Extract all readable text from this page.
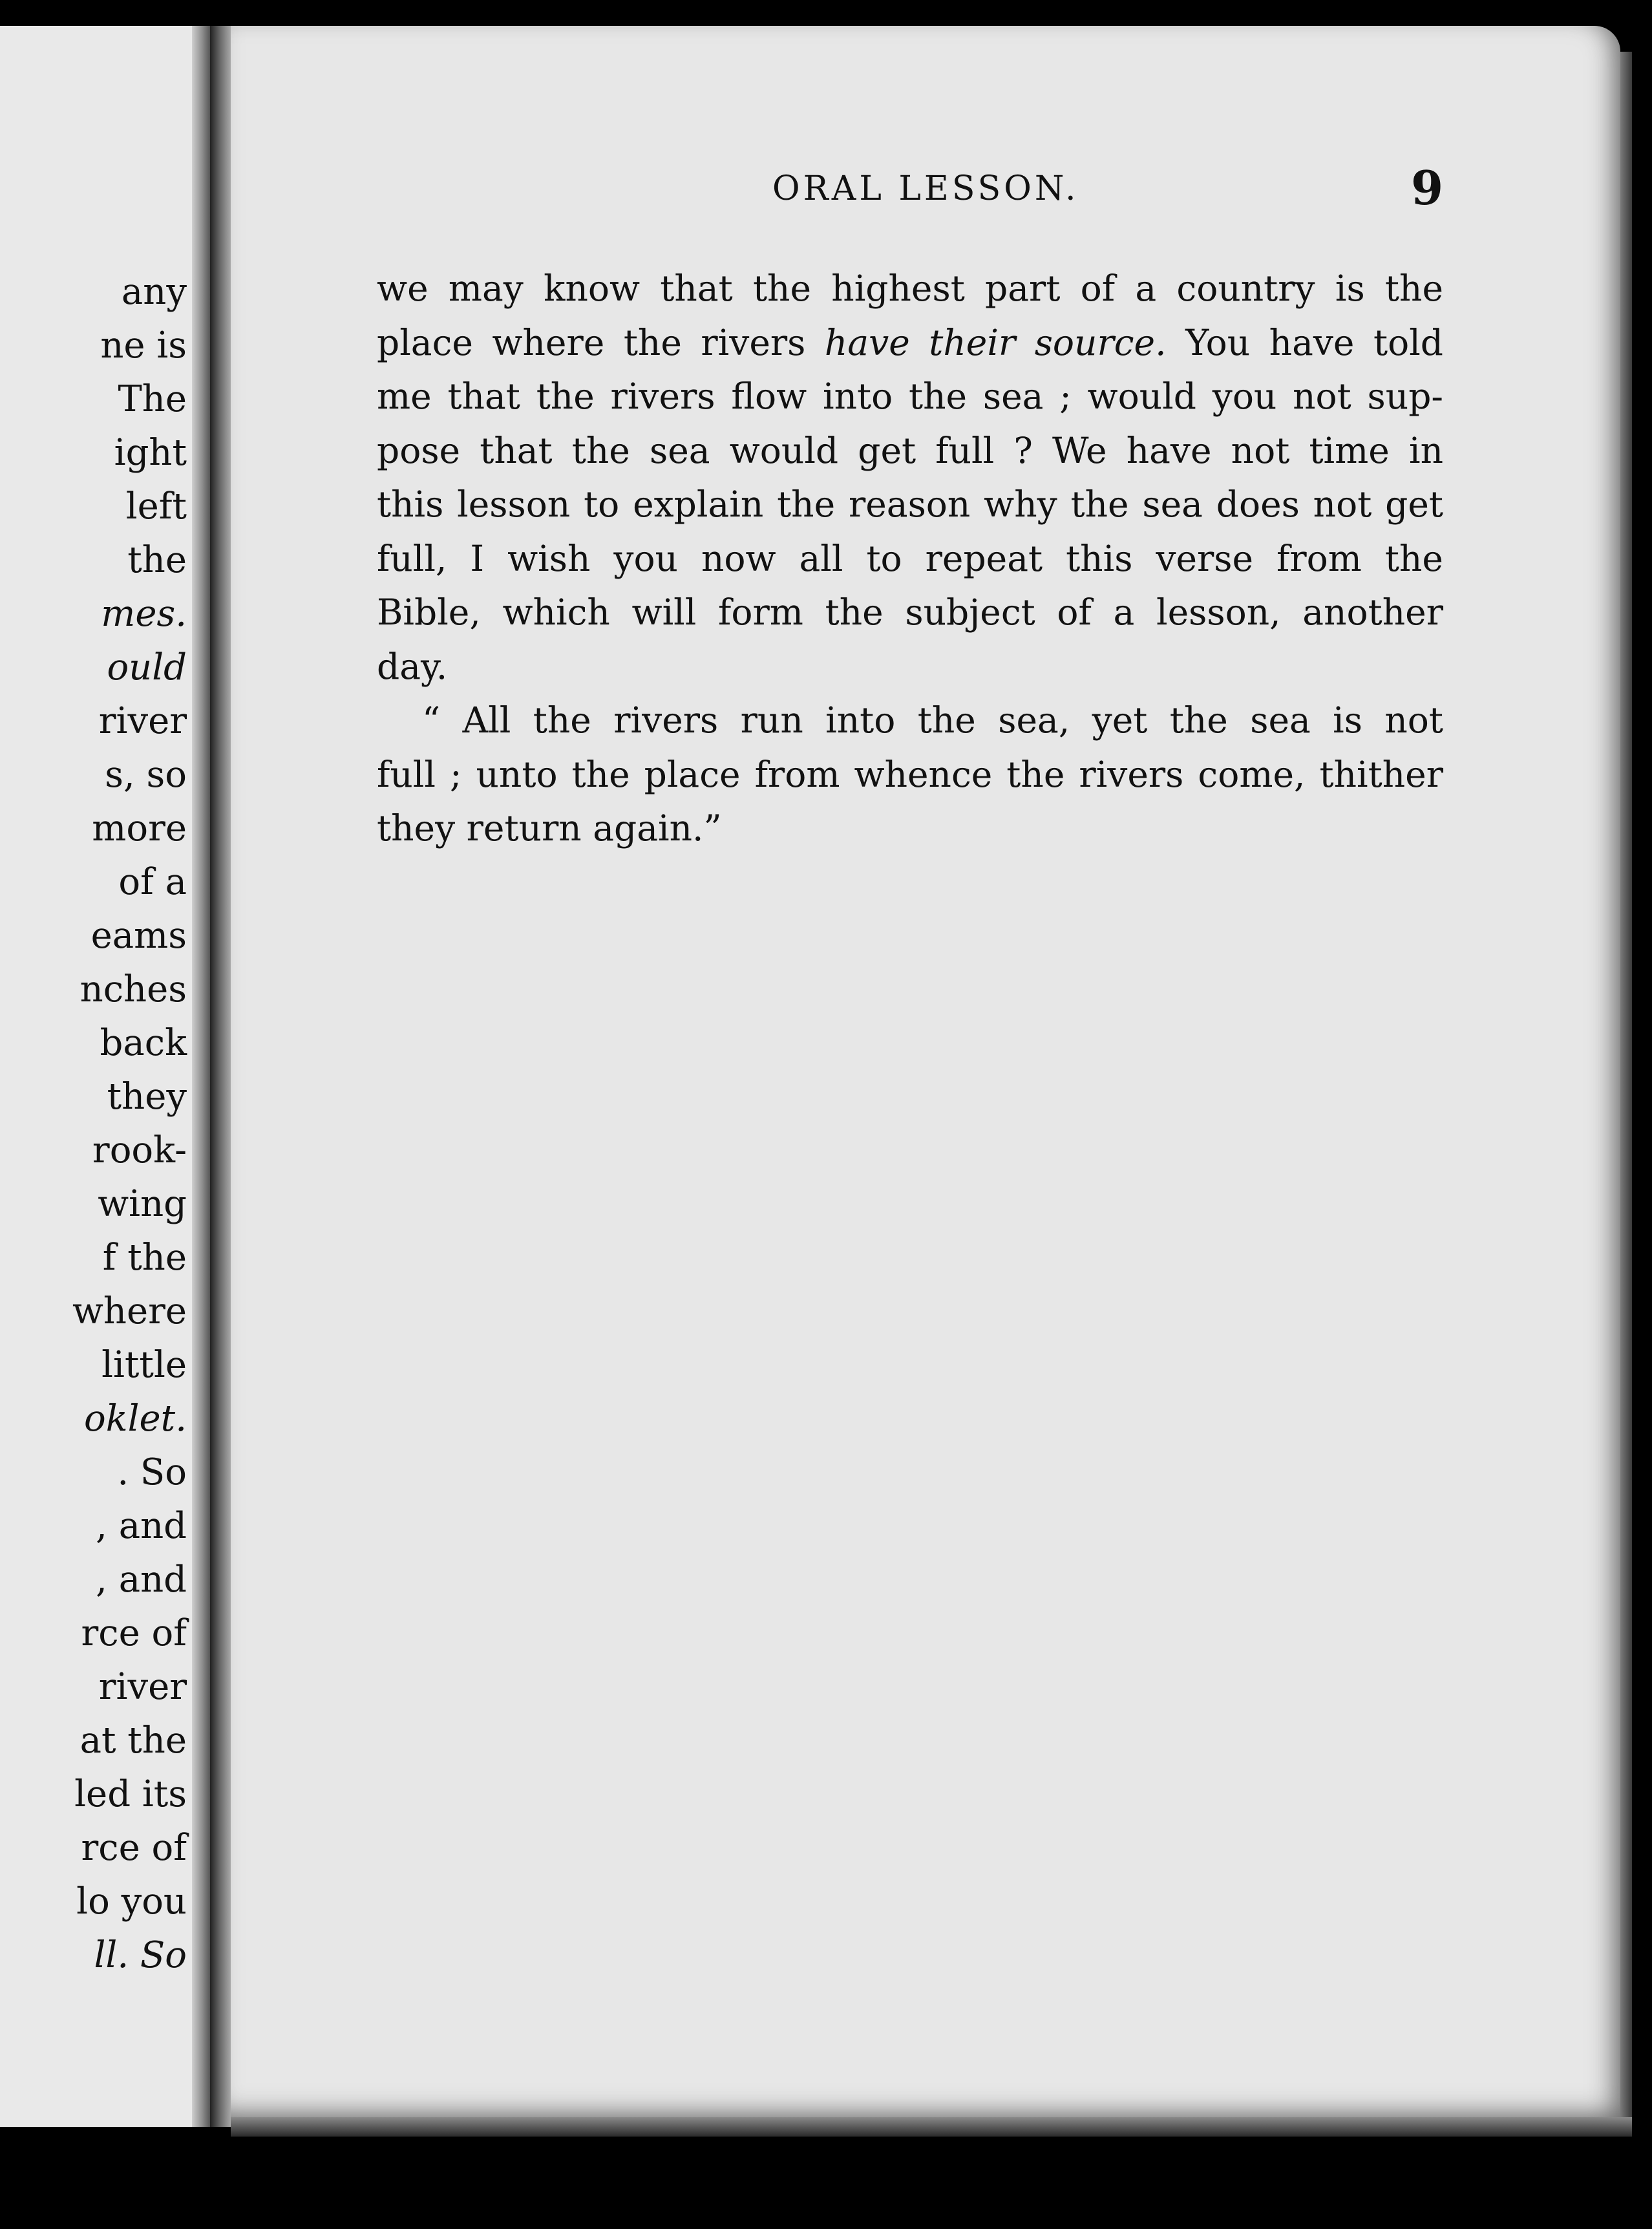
any
ne is
The
ight
left
the
mes.
ould
river
s, so
more
of a
eams
nches
back
they
rook-
wing
f the
where
little
oklet.
. So
, and
, and
rce of
river
at the
led its
rce of
lo you
ll. So
ORAL LESSON.	9
we may know that the highest part of a country is the
place where the rivers have their source. You have told
me that the rivers flow into the sea ; would you not sup-
pose that the sea would get full ? We have not time in
this lesson to explain the reason why the sea does not get
full, I wish you now all to repeat this verse from the
Bible, which will form the subject of a lesson, another
day.
“ All the rivers run into the sea, yet the sea is not
full ; unto the place from whence the rivers come, thither
they return again.”
